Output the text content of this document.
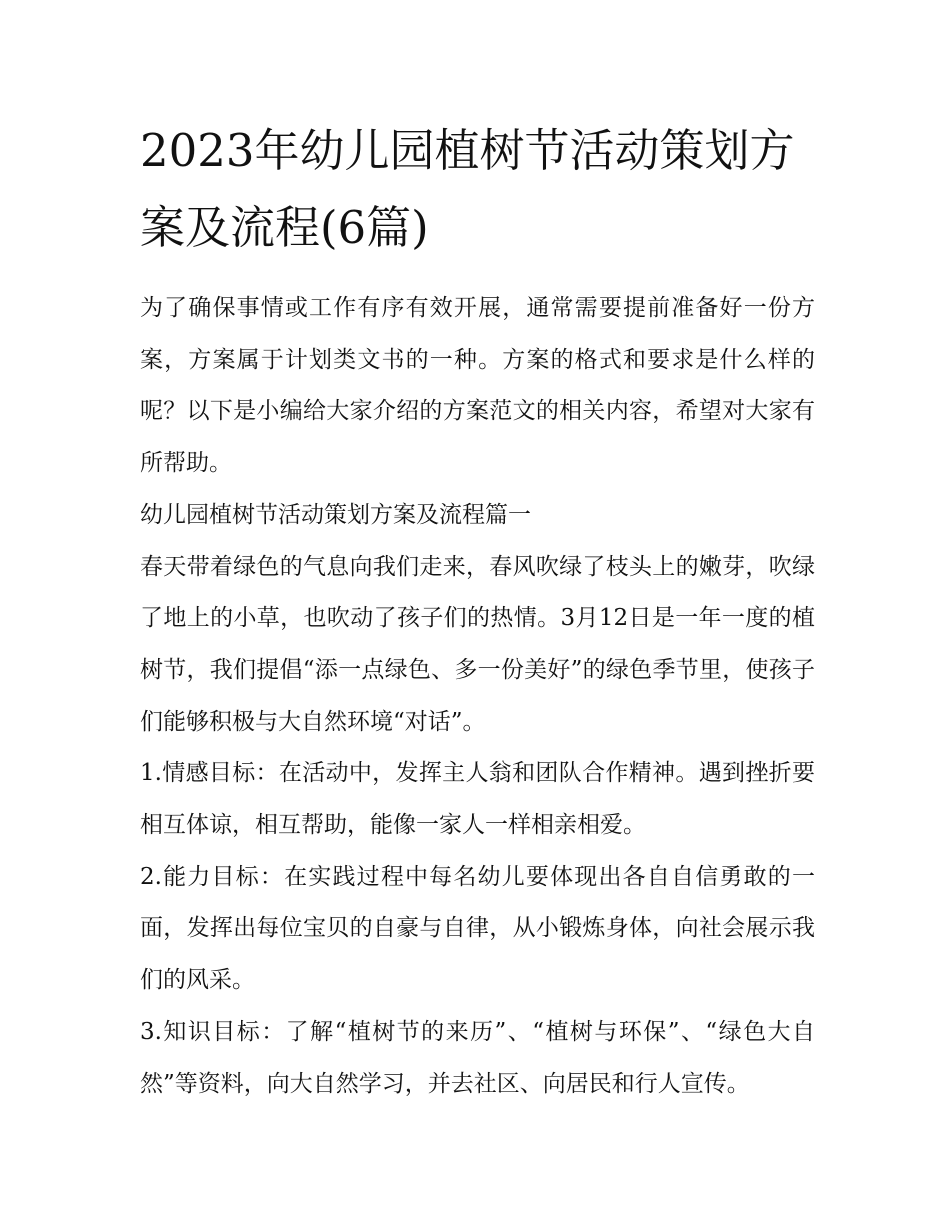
2023年幼儿园植树节活动策划方案及流程(6篇)

为了确保事情或工作有序有效开展，通常需要提前准备好一份方案，方案属于计划类文书的一种。方案的格式和要求是什么样的呢？以下是小编给大家介绍的方案范文的相关内容，希望对大家有所帮助。

幼儿园植树节活动策划方案及流程篇一

春天带着绿色的气息向我们走来，春风吹绿了枝头上的嫩芽，吹绿了地上的小草，也吹动了孩子们的热情。3月12日是一年一度的植树节，我们提倡“添一点绿色、多一份美好”的绿色季节里，使孩子们能够积极与大自然环境“对话”。

1.情感目标：在活动中，发挥主人翁和团队合作精神。遇到挫折要相互体谅，相互帮助，能像一家人一样相亲相爱。

2.能力目标：在实践过程中每名幼儿要体现出各自自信勇敢的一面，发挥出每位宝贝的自豪与自律，从小锻炼身体，向社会展示我们的风采。

3.知识目标：了解“植树节的来历”、“植树与环保”、“绿色大自然”等资料，向大自然学习，并去社区、向居民和行人宣传。
